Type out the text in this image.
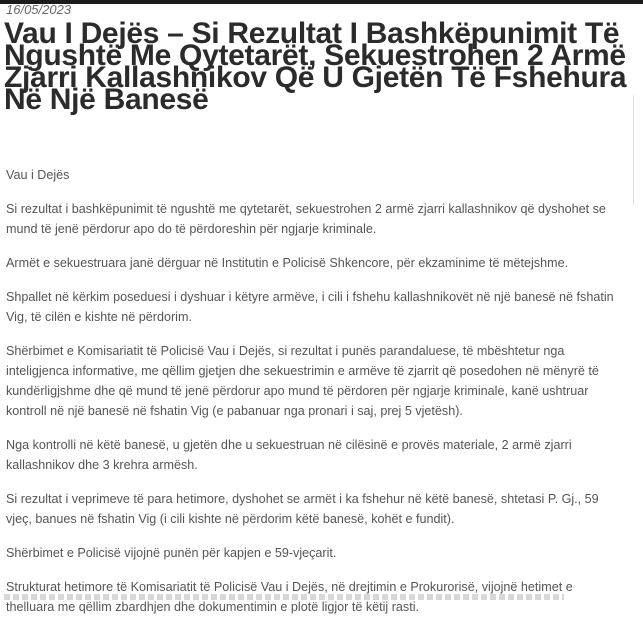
16/05/2023
Vau I Dejës – Si Rezultat I Bashkëpunimit Të Ngushtë Me Qytetarët, Sekuestrohen 2 Armë Zjarri Kallashnikov Që U Gjetën Të Fshehura Në Një Banesë

Vau i Dejës

Si rezultat i bashkëpunimit të ngushtë me qytetarët, sekuestrohen 2 armë zjarri kallashnikov që dyshohet se mund të jenë përdorur apo do të përdoreshin për ngjarje kriminale.

Armët e sekuestruara janë dërguar në Institutin e Policisë Shkencore, për ekzaminime të mëtejshme.

Shpallet në kërkim poseduesi i dyshuar i këtyre armëve, i cili i fshehu kallashnikovët në një banesë në fshatin Vig, të cilën e kishte në përdorim.

Shërbimet e Komisariatit të Policisë Vau i Dejës, si rezultat i punës parandaluese, të mbështetur nga inteligjenca informative, me qëllim gjetjen dhe sekuestrimin e armëve të zjarrit që posedohen në mënyrë të kundërligjshme dhe që mund të jenë përdorur apo mund të përdoren për ngjarje kriminale, kanë ushtruar kontroll në një banesë në fshatin Vig (e pabanuar nga pronari i saj, prej 5 vjetësh).

Nga kontrolli në këtë banesë, u gjetën dhe u sekuestruan në cilësinë e provës materiale, 2 armë zjarri kallashnikov dhe 3 krehra armësh.

Si rezultat i veprimeve të para hetimore, dyshohet se armët i ka fshehur në këtë banesë, shtetasi P. Gj., 59 vjeç, banues në fshatin Vig (i cili kishte në përdorim këtë banesë, kohët e fundit).

Shërbimet e Policisë vijojnë punën për kapjen e 59-vjeçarit.

Strukturat hetimore të Komisariatit të Policisë Vau i Dejës, në drejtimin e Prokurorisë, vijojnë hetimet e thelluara me qëllim zbardhjen dhe dokumentimin e plotë ligjor të këtij rasti.
